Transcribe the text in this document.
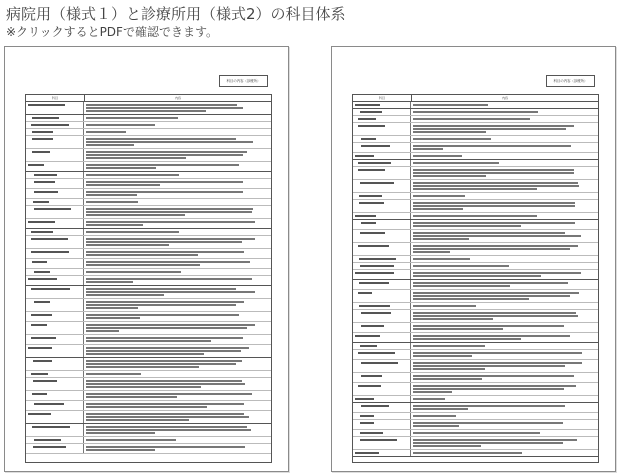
病院用（様式１）と診療所用（様式2）の科目体系
※クリックするとPDFで確認できます。
科目の内容（診療所）
科目	内容
科目の内容（診療所）
科目	内容
